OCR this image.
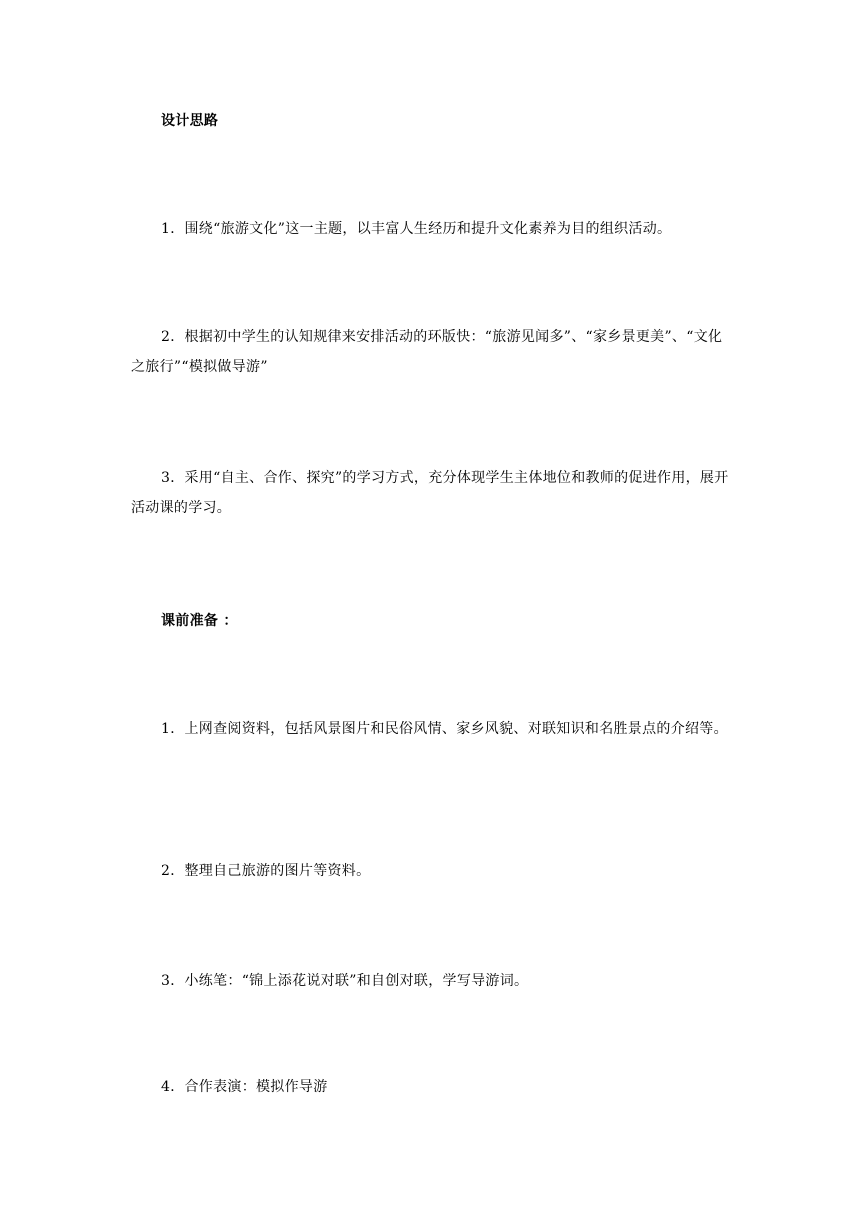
设计思路

1．围绕“旅游文化”这一主题，以丰富人生经历和提升文化素养为目的组织活动。

2．根据初中学生的认知规律来安排活动的环版快：“旅游见闻多”、“家乡景更美”、“文化之旅行”“模拟做导游”

3．采用“自主、合作、探究”的学习方式，充分体现学生主体地位和教师的促进作用，展开活动课的学习。

课前准备 ：

1．上网查阅资料，包括风景图片和民俗风情、家乡风貌、对联知识和名胜景点的介绍等。

2．整理自己旅游的图片等资料。

3．小练笔：“锦上添花说对联”和自创对联，学写导游词。

4．合作表演：模拟作导游
